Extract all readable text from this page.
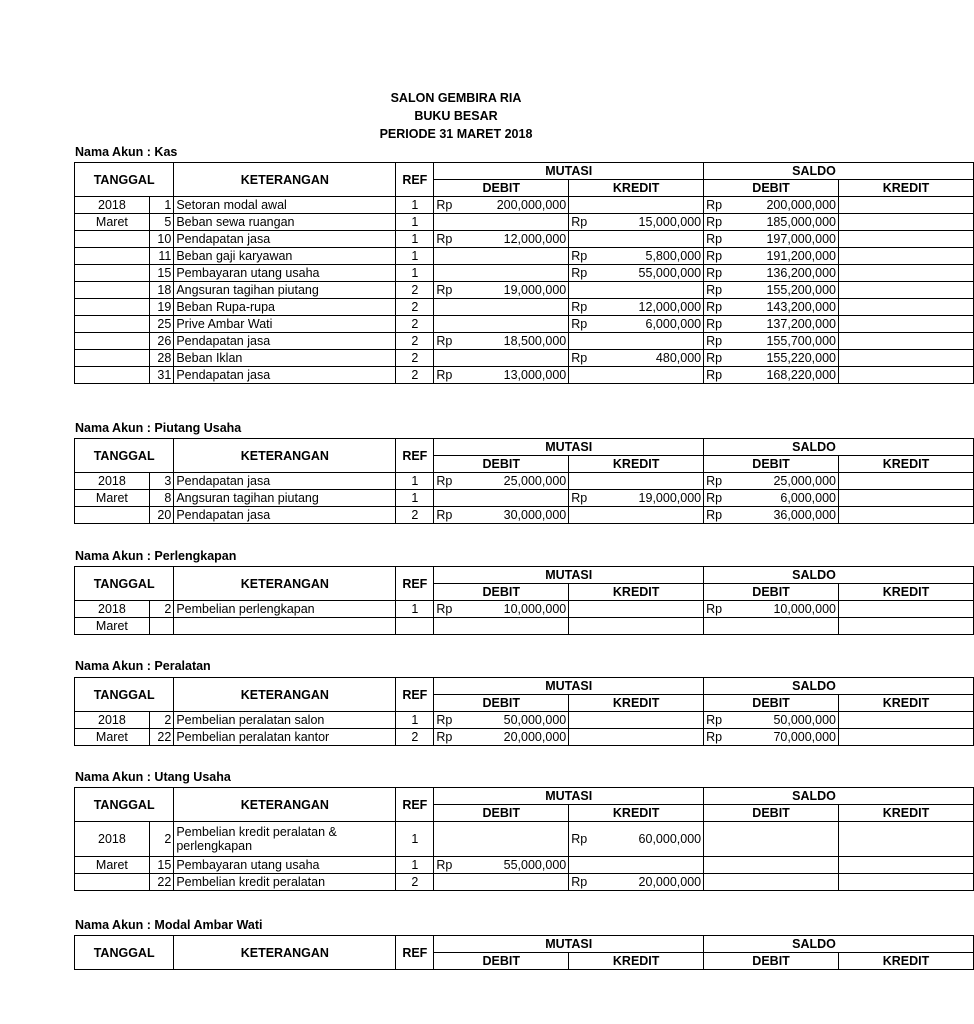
SALON GEMBIRA RIA
BUKU BESAR
PERIODE 31 MARET 2018
Nama Akun : Kas
TANGGAL		KETERANGAN	REF	MUTASI				SALDO			
				DEBIT		KREDIT		DEBIT		KREDIT	
2018	1	Setoran modal awal	1	Rp	200,000,000			Rp	200,000,000		
Maret	5	Beban sewa ruangan	1			Rp	15,000,000	Rp	185,000,000		
	10	Pendapatan jasa	1	Rp	12,000,000			Rp	197,000,000		
	11	Beban gaji karyawan	1			Rp	5,800,000	Rp	191,200,000		
	15	Pembayaran utang usaha	1			Rp	55,000,000	Rp	136,200,000		
	18	Angsuran tagihan piutang	2	Rp	19,000,000			Rp	155,200,000		
	19	Beban Rupa-rupa	2			Rp	12,000,000	Rp	143,200,000		
	25	Prive Ambar Wati	2			Rp	6,000,000	Rp	137,200,000		
	26	Pendapatan jasa	2	Rp	18,500,000			Rp	155,700,000		
	28	Beban Iklan	2			Rp	480,000	Rp	155,220,000		
	31	Pendapatan jasa	2	Rp	13,000,000			Rp	168,220,000		
Nama Akun : Piutang Usaha
TANGGAL		KETERANGAN	REF	MUTASI				SALDO			
				DEBIT		KREDIT		DEBIT		KREDIT	
2018	3	Pendapatan jasa	1	Rp	25,000,000			Rp	25,000,000		
Maret	8	Angsuran tagihan piutang	1			Rp	19,000,000	Rp	6,000,000		
	20	Pendapatan jasa	2	Rp	30,000,000			Rp	36,000,000		
Nama Akun : Perlengkapan
TANGGAL		KETERANGAN	REF	MUTASI				SALDO			
				DEBIT		KREDIT		DEBIT		KREDIT	
2018	2	Pembelian perlengkapan	1	Rp	10,000,000			Rp	10,000,000		
Maret											
Nama Akun : Peralatan
TANGGAL		KETERANGAN	REF	MUTASI				SALDO			
				DEBIT		KREDIT		DEBIT		KREDIT	
2018	2	Pembelian peralatan salon	1	Rp	50,000,000			Rp	50,000,000		
Maret	22	Pembelian peralatan kantor	2	Rp	20,000,000			Rp	70,000,000		
Nama Akun : Utang Usaha
TANGGAL		KETERANGAN	REF	MUTASI				SALDO			
				DEBIT		KREDIT		DEBIT		KREDIT	
2018	2	Pembelian kredit peralatan & perlengkapan	1			Rp	60,000,000				
Maret	15	Pembayaran utang usaha	1	Rp	55,000,000						
	22	Pembelian kredit peralatan	2			Rp	20,000,000				
Nama Akun : Modal Ambar Wati
TANGGAL	KETERANGAN	REF	MUTASI		SALDO	
			DEBIT	KREDIT	DEBIT	KREDIT
